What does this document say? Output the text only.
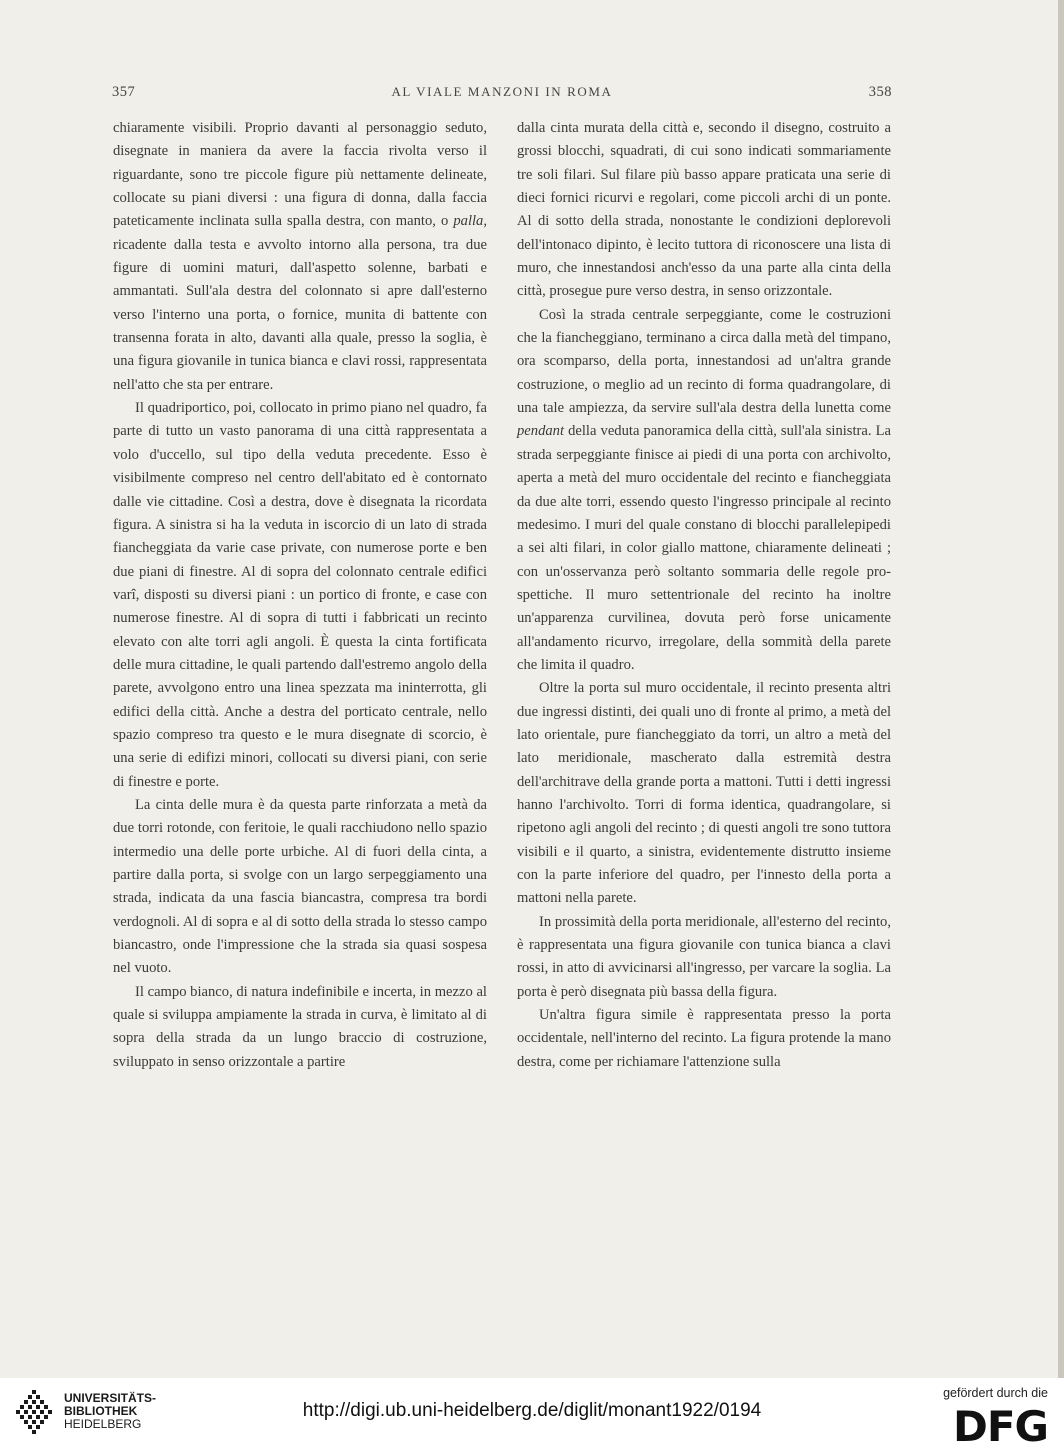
357	AL VIALE MANZONI IN ROMA	358

chiaramente visibili. Proprio davanti al personaggio seduto, disegnate in maniera da avere la faccia rivolta verso il riguardante, sono tre piccole figure più nettamente delineate, collocate su piani diversi : una figura di donna, dalla faccia pateticamente inclinata sulla spalla destra, con manto, o palla, ricadente dalla testa e avvolto intorno alla persona, tra due figure di uomini maturi, dall'aspetto solenne, barbati e ammantati. Sull'ala destra del colonnato si apre dall'esterno verso l'interno una porta, o fornice, munita di battente con transenna forata in alto, davanti alla quale, presso la soglia, è una figura giovanile in tunica bianca e clavi rossi, rappresentata nell'atto che sta per entrare.

Il quadriportico, poi, collocato in primo piano nel quadro, fa parte di tutto un vasto panorama di una città rappresentata a volo d'uccello, sul tipo della veduta precedente. Esso è visibilmente compreso nel centro dell'abitato ed è contornato dalle vie cittadine. Così a destra, dove è disegnata la ricordata figura. A sinistra si ha la veduta in iscorcio di un lato di strada fiancheggiata da varie case private, con numerose porte e ben due piani di finestre. Al di sopra del colonnato centrale edifici varî, disposti su diversi piani : un portico di fronte, e case con numerose finestre. Al di sopra di tutti i fabbricati un recinto elevato con alte torri agli angoli. È questa la cinta fortificata delle mura cittadine, le quali partendo dall'estremo angolo della parete, avvolgono entro una linea spezzata ma ininterrotta, gli edifici della città. Anche a destra del porticato centrale, nello spazio compreso tra questo e le mura disegnate di scorcio, è una serie di edifizi minori, collocati su diversi piani, con serie di finestre e porte.

La cinta delle mura è da questa parte rinforzata a metà da due torri rotonde, con feritoie, le quali racchiudono nello spazio intermedio una delle porte urbiche. Al di fuori della cinta, a partire dalla porta, si svolge con un largo serpeggiamento una strada, indicata da una fascia biancastra, compresa tra bordi verdognoli. Al di sopra e al di sotto della strada lo stesso campo biancastro, onde l'impressione che la strada sia quasi sospesa nel vuoto.

Il campo bianco, di natura indefinibile e incerta, in mezzo al quale si sviluppa ampiamente la strada in curva, è limitato al di sopra della strada da un lungo braccio di costruzione, sviluppato in senso orizzontale a partire

dalla cinta murata della città e, secondo il disegno, costruito a grossi blocchi, squadrati, di cui sono indicati sommariamente tre soli filari. Sul filare più basso appare praticata una serie di dieci fornici ricurvi e regolari, come piccoli archi di un ponte. Al di sotto della strada, nonostante le condizioni deplorevoli dell'intonaco dipinto, è lecito tuttora di riconoscere una lista di muro, che innestandosi anch'esso da una parte alla cinta della città, prosegue pure verso destra, in senso orizzontale.

Così la strada centrale serpeggiante, come le costruzioni che la fiancheggiano, terminano a circa dalla metà del timpano, ora scomparso, della porta, innestandosi ad un'altra grande costruzione, o meglio ad un recinto di forma quadrangolare, di una tale ampiezza, da servire sull'ala destra della lunetta come pendant della veduta panoramica della città, sull'ala sinistra. La strada serpeggiante finisce ai piedi di una porta con archivolto, aperta a metà del muro occidentale del recinto e fiancheggiata da due alte torri, essendo questo l'ingresso principale al recinto medesimo. I muri del quale constano di blocchi parallelepipedi a sei alti filari, in color giallo mattone, chiaramente delineati ; con un'osservanza però soltanto sommaria delle regole prospettiche. Il muro settentrionale del recinto ha inoltre un'apparenza curvilinea, dovuta però forse unicamente all'andamento ricurvo, irregolare, della sommità della parete che limita il quadro.

Oltre la porta sul muro occidentale, il recinto presenta altri due ingressi distinti, dei quali uno di fronte al primo, a metà del lato orientale, pure fiancheggiato da torri, un altro a metà del lato meridionale, mascherato dalla estremità destra dell'architrave della grande porta a mattoni. Tutti i detti ingressi hanno l'archivolto. Torri di forma identica, quadrangolare, si ripetono agli angoli del recinto ; di questi angoli tre sono tuttora visibili e il quarto, a sinistra, evidentemente distrutto insieme con la parte inferiore del quadro, per l'innesto della porta a mattoni nella parete.

In prossimità della porta meridionale, all'esterno del recinto, è rappresentata una figura giovanile con tunica bianca a clavi rossi, in atto di avvicinarsi all'ingresso, per varcare la soglia. La porta è però disegnata più bassa della figura.

Un'altra figura simile è rappresentata presso la porta occidentale, nell'interno del recinto. La figura protende la mano destra, come per richiamare l'attenzione sulla

UNIVERSITÄTS-
BIBLIOTHEK
HEIDELBERG
http://digi.ub.uni-heidelberg.de/diglit/monant1922/0194
gefördert durch die
DFG
